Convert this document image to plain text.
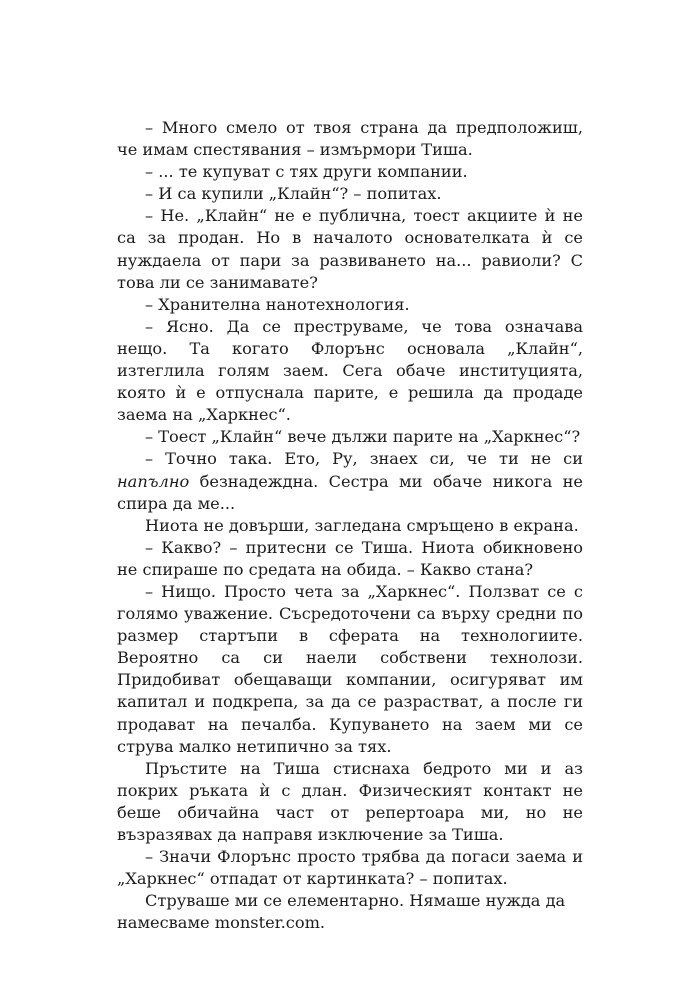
– Много смело от твоя страна да предположиш, че имам спестявания – измърмори Тиша.

– ... те купуват с тях други компании.

– И са купили „Клайн“? – попитах.

– Не. „Клайн“ не е публична, тоест акциите ѝ не са за продан. Но в началото основателката ѝ се нуждаела от пари за развиването на... равиоли? С това ли се занимавате?

– Хранителна нанотехнология.

– Ясно. Да се преструваме, че това означава нещо. Та когато Флорънс основала „Клайн“, изтеглила голям заем. Сега обаче институцията, която ѝ е отпуснала парите, е решила да продаде заема на „Харкнес“.

– Тоест „Клайн“ вече дължи парите на „Харкнес“?

– Точно така. Ето, Ру, знаех си, че ти не си напълно безнадеждна. Сестра ми обаче никога не спира да ме...

Ниота не довърши, загледана смръщено в екрана.

– Какво? – притесни се Тиша. Ниота обикновено не спираше по средата на обида. – Какво стана?

– Нищо. Просто чета за „Харкнес“. Ползват се с голямо уважение. Съсредоточени са върху средни по размер стартъпи в сферата на технологиите. Вероятно са си наели собствени технолози. Придобиват обещаващи компании, осигуряват им капитал и подкрепа, за да се разрастват, а после ги продават на печалба. Купуването на заем ми се струва малко нетипично за тях.

Пръстите на Тиша стиснаха бедрото ми и аз покрих ръката ѝ с длан. Физическият контакт не беше обичайна част от репертоара ми, но не възразявах да направя изключение за Тиша.

– Значи Флорънс просто трябва да погаси заема и „Харкнес“ отпадат от картинката? – попитах.

Струваше ми се елементарно. Нямаше нужда да намесваме monster.com.
